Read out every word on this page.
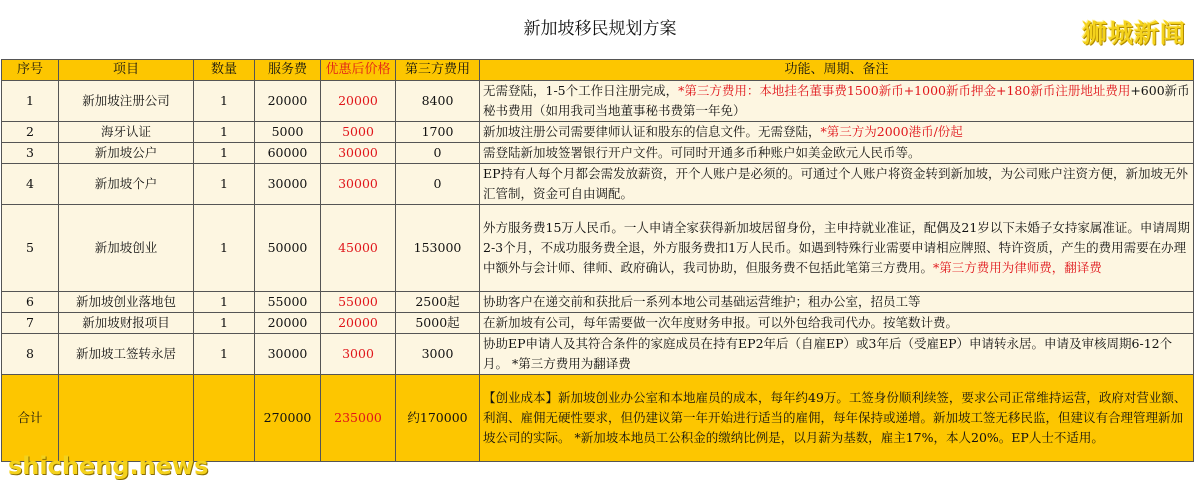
新加坡移民规划方案	狮城新闻
序号	项目	数量	服务费	优惠后价格	第三方费用	功能、周期、备注
1	新加坡注册公司	1	20000	20000	8400	无需登陆，1-5个工作日注册完成，*第三方费用：本地挂名董事费1500新币+1000新币押金+180新币注册地址费用+600新币秘书费用（如用我司当地董事秘书费第一年免）
2	海牙认证	1	5000	5000	1700	新加坡注册公司需要律师认证和股东的信息文件。无需登陆，*第三方为2000港币/份起
3	新加坡公户	1	60000	30000	0	需登陆新加坡签署银行开户文件。可同时开通多币种账户如美金欧元人民币等。
4	新加坡个户	1	30000	30000	0	EP持有人每个月都会需发放薪资，开个人账户是必须的。可通过个人账户将资金转到新加坡，为公司账户注资方便，新加坡无外汇管制，资金可自由调配。
5	新加坡创业	1	50000	45000	153000	外方服务费15万人民币。一人申请全家获得新加坡居留身份，主申持就业准证，配偶及21岁以下未婚子女持家属准证。申请周期2-3个月，不成功服务费全退，外方服务费扣1万人民币。如遇到特殊行业需要申请相应牌照、特许资质，产生的费用需要在办理中额外与会计师、律师、政府确认，我司协助，但服务费不包括此笔第三方费用。*第三方费用为律师费，翻译费
6	新加坡创业落地包	1	55000	55000	2500起	协助客户在递交前和获批后一系列本地公司基础运营维护；租办公室，招员工等
7	新加坡财报项目	1	20000	20000	5000起	在新加坡有公司，每年需要做一次年度财务申报。可以外包给我司代办。按笔数计费。
8	新加坡工签转永居	1	30000	3000	3000	协助EP申请人及其符合条件的家庭成员在持有EP2年后（自雇EP）或3年后（受雇EP）申请转永居。申请及审核周期6-12个月。 *第三方费用为翻译费
合计			270000	235000	约170000	【创业成本】新加坡创业办公室和本地雇员的成本，每年约49万。工签身份顺利续签，要求公司正常维持运营，政府对营业额、利润、雇佣无硬性要求，但仍建议第一年开始进行适当的雇佣，每年保持或递增。新加坡工签无移民监，但建议有合理管理新加坡公司的实际。 *新加坡本地员工公积金的缴纳比例是，以月薪为基数，雇主17%，本人20%。EP人士不适用。
shicheng.news
